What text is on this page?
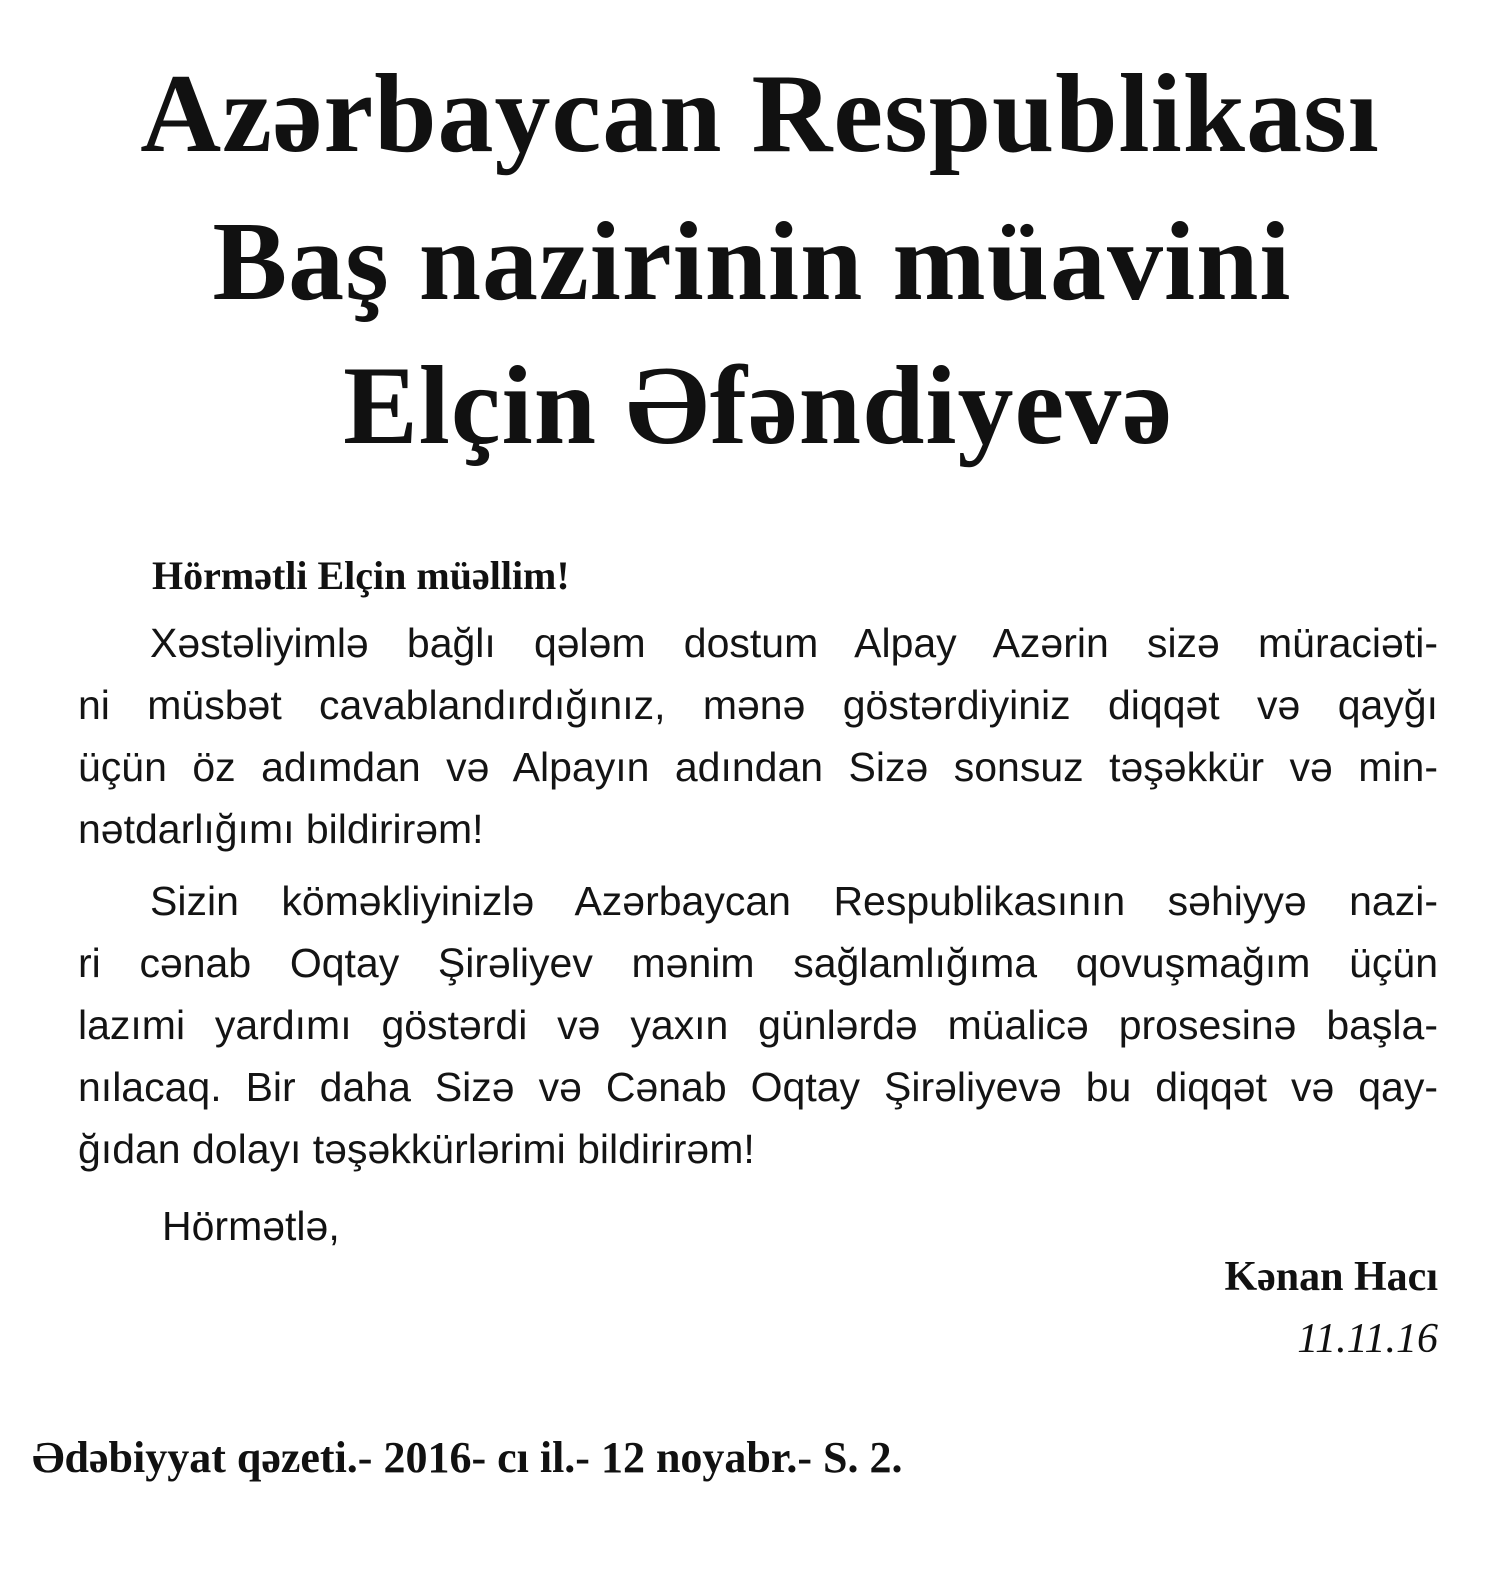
Azərbaycan Respublikası
Baş nazirinin müavini
Elçin Əfəndiyevə
Hörmətli Elçin müəllim!
Xəstəliyimlə bağlı qələm dostum Alpay Azərin sizə müraciəti-
ni müsbət cavablandırdığınız, mənə göstərdiyiniz diqqət və qayğı
üçün öz adımdan və Alpayın adından Sizə sonsuz təşəkkür və min-
nətdarlığımı bildirirəm!
Sizin köməkliyinizlə Azərbaycan Respublikasının səhiyyə nazi-
ri cənab Oqtay Şirəliyev mənim sağlamlığıma qovuşmağım üçün
lazımi yardımı göstərdi və yaxın günlərdə müalicə prosesinə başla-
nılacaq. Bir daha Sizə və Cənab Oqtay Şirəliyevə bu diqqət və qay-
ğıdan dolayı təşəkkürlərimi bildirirəm!
Hörmətlə,
Kənan Hacı
11.11.16
Ədəbiyyat qəzeti.- 2016- cı il.- 12 noyabr.- S. 2.
